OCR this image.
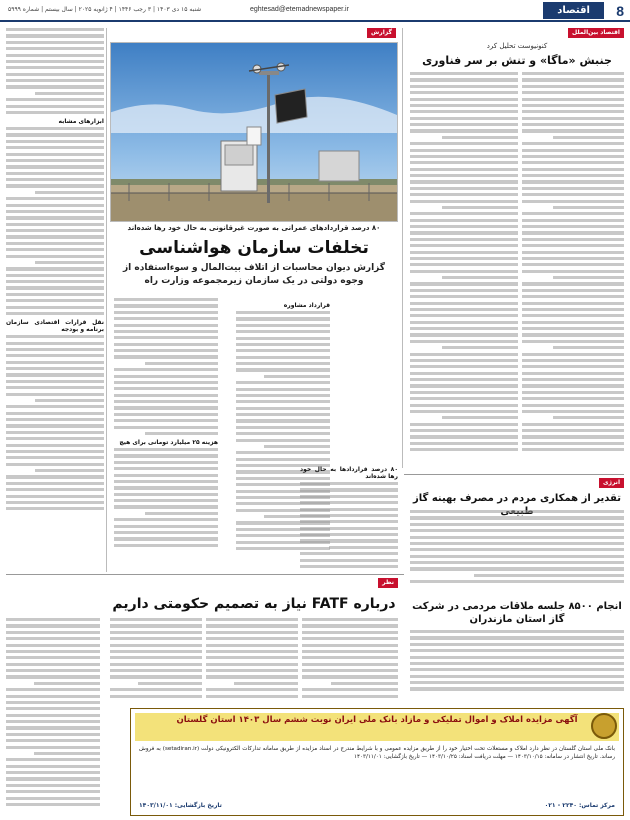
8
اقتصاد
eghtesad@etemadnewspaper.ir
شنبه ۱۵ دی ۱۴۰۳ | ۳ رجب ۱۴۴۶ | ۴ ژانویه ۲۰۲۵ | سال بیستم | شماره ۵۹۹۹
اقتصاد بین‌الملل
کنونیوست تحلیل کرد
جنبش «ماگا» و تنش بر سر فناوری
گزارش
۸۰ درصد قراردادهای عمرانی به صورت غیرقانونی به حال خود رها شده‌اند
تخلفات سازمان هواشناسی
گزارش دیوان محاسبات از اتلاف بیت‌المال و سوءاستفاده از وجوه دولتی در یک سازمان زیرمجموعه وزارت راه
قرارداد مشاوره
هزینه ۲۵ میلیارد تومانی برای هیچ
۸۰ درصد قراردادها به حال خود رها شده‌اند
ابزارهای مشابه
نقل قرارات اقتصادی سازمان برنامه و بودجه
انرژی
تقدیر از همکاری مردم در مصرف بهینه گاز
انجام ۸۵۰۰ جلسه ملاقات مردمی در شرکت گاز استان مازندران
نظر
درباره FATF نیاز به تصمیم حکومتی داریم
آگهی مزایده املاک و اموال تملیکی و مازاد بانک ملی ایران نوبت ششم سال ۱۴۰۳ استان گلستان
بانک ملی استان گلستان در نظر دارد املاک و مستغلات تحت اختیار خود را از طریق مزایده عمومی و با شرایط مندرج در اسناد مزایده از طریق سامانه تدارکات الکترونیکی دولت (setadiran.ir) به فروش رساند. تاریخ انتشار در سامانه: ۱۴۰۳/۱۰/۱۵ — مهلت دریافت اسناد: ۱۴۰۳/۱۰/۲۵ — تاریخ بازگشایی: ۱۴۰۳/۱۱/۰۱
مرکز تماس: ۲۲۴۰ - ۰۲۱
تاریخ بازگشایی: ۱۴۰۳/۱۱/۰۱
